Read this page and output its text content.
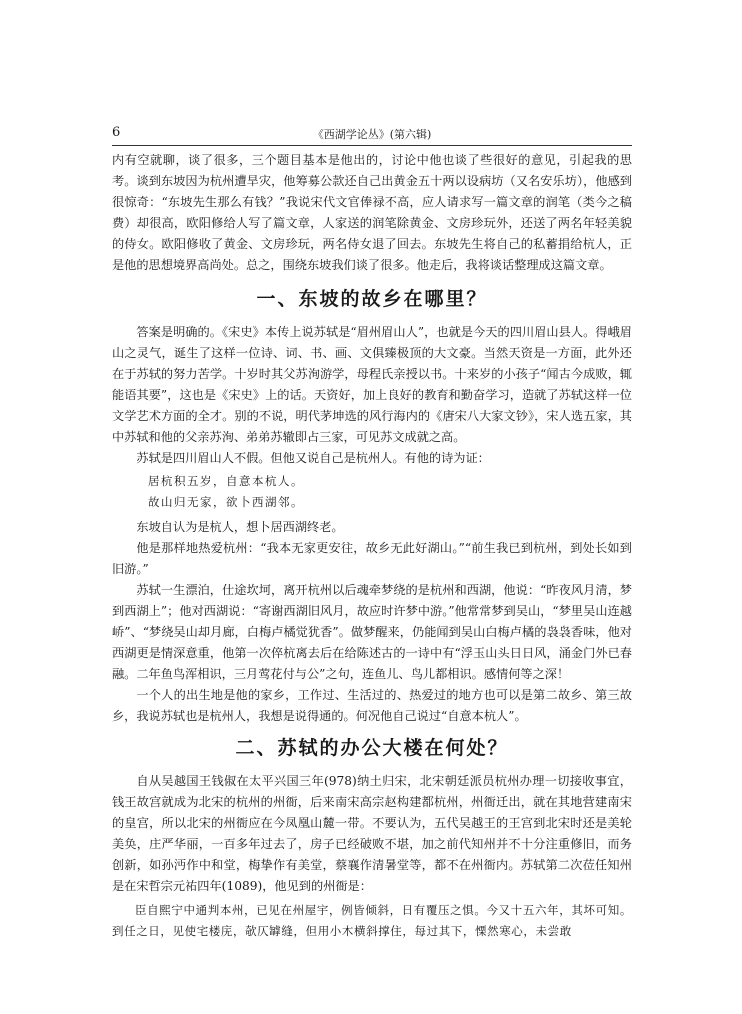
6	《西湖学论丛》(第六辑)

内有空就聊，谈了很多，三个题目基本是他出的，讨论中他也谈了些很好的意见，引起我的思考。谈到东坡因为杭州遭旱灾，他筹募公款还自己出黄金五十两以设病坊（又名安乐坊），他感到很惊奇：“东坡先生那么有钱？”我说宋代文官俸禄不高，应人请求写一篇文章的润笔（类今之稿费）却很高，欧阳修给人写了篇文章，人家送的润笔除黄金、文房珍玩外，还送了两名年轻美貌的侍女。欧阳修收了黄金、文房珍玩，两名侍女退了回去。东坡先生将自己的私蓄捐给杭人，正是他的思想境界高尚处。总之，围绕东坡我们谈了很多。他走后，我将谈话整理成这篇文章。

一、东坡的故乡在哪里？

答案是明确的。《宋史》本传上说苏轼是“眉州眉山人”，也就是今天的四川眉山县人。得峨眉山之灵气，诞生了这样一位诗、词、书、画、文俱臻极顶的大文豪。当然天资是一方面，此外还在于苏轼的努力苦学。十岁时其父苏洵游学，母程氏亲授以书。十来岁的小孩子“闻古今成败，辄能语其要”，这也是《宋史》上的话。天资好，加上良好的教育和勤奋学习，造就了苏轼这样一位文学艺术方面的全才。别的不说，明代茅坤选的风行海内的《唐宋八大家文钞》，宋人选五家，其中苏轼和他的父亲苏洵、弟弟苏辙即占三家，可见苏文成就之高。

苏轼是四川眉山人不假。但他又说自己是杭州人。有他的诗为证：

居杭积五岁，自意本杭人。
故山归无家，欲卜西湖邻。

东坡自认为是杭人，想卜居西湖终老。

他是那样地热爱杭州：“我本无家更安往，故乡无此好湖山。”“前生我已到杭州，到处长如到旧游。”

苏轼一生漂泊，仕途坎坷，离开杭州以后魂牵梦绕的是杭州和西湖，他说：“昨夜风月清，梦到西湖上”；他对西湖说：“寄谢西湖旧风月，故应时许梦中游。”他常常梦到吴山，“梦里吴山连越峤”、“梦绕吴山却月廊，白梅卢橘觉犹香”。做梦醒来，仍能闻到吴山白梅卢橘的袅袅香味，他对西湖更是情深意重，他第一次倅杭离去后在给陈述古的一诗中有“浮玉山头日日风，涌金门外已春融。二年鱼鸟浑相识，三月莺花付与公”之句，连鱼儿、鸟儿都相识。感情何等之深！

一个人的出生地是他的家乡，工作过、生活过的、热爱过的地方也可以是第二故乡、第三故乡，我说苏轼也是杭州人，我想是说得通的。何况他自己说过“自意本杭人”。

二、苏轼的办公大楼在何处？

自从吴越国王钱俶在太平兴国三年(978)纳土归宋，北宋朝廷派员杭州办理一切接收事宜，钱王故宫就成为北宋的杭州的州衙，后来南宋高宗赵构建都杭州，州衙迁出，就在其地营建南宋的皇宫，所以北宋的州衙应在今凤凰山麓一带。不要认为，五代吴越王的王宫到北宋时还是美轮美奂，庄严华丽，一百多年过去了，房子已经破败不堪，加之前代知州并不十分注重修旧，而务创新，如孙沔作中和堂，梅挚作有美堂，蔡襄作清暑堂等，都不在州衙内。苏轼第二次莅任知州是在宋哲宗元祐四年(1089)，他见到的州衙是：

臣自熙宁中通判本州，已见在州屋宇，例皆倾斜，日有覆压之惧。今又十五六年，其坏可知。到任之日，见使宅楼庑，欹仄罅缝，但用小木横斜撑住，每过其下，慄然寒心，未尝敢
